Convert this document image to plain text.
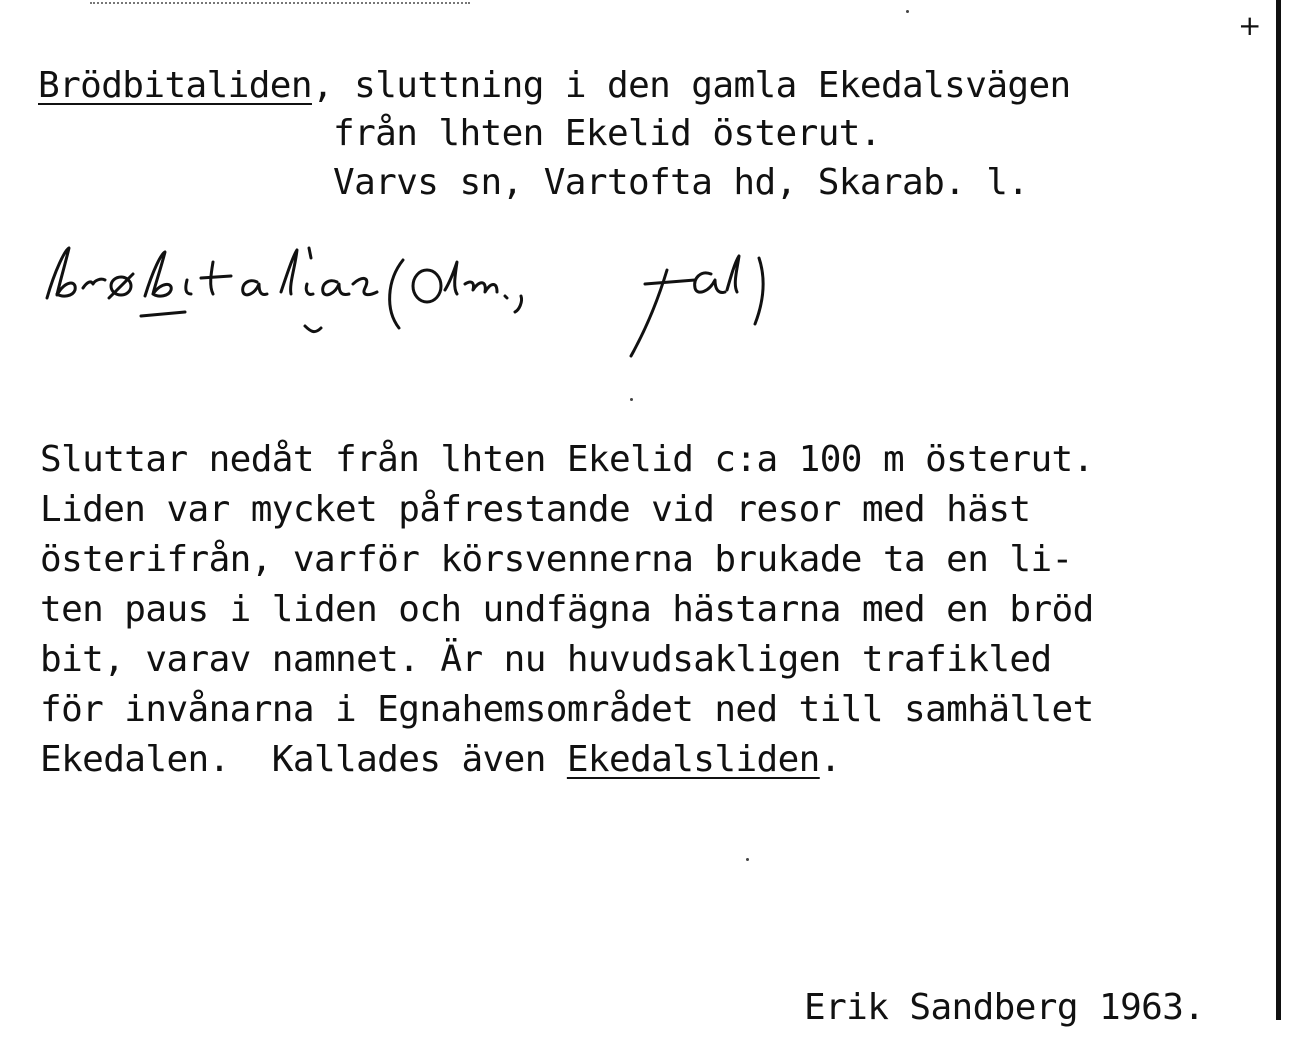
+
Brödbitaliden, sluttning i den gamla Ekedalsvägen
från lhten Ekelid österut.
Varvs sn, Vartofta hd, Skarab. l.
Sluttar nedåt från lhten Ekelid c:a 100 m österut.
Liden var mycket påfrestande vid resor med häst
österifrån, varför körsvennerna brukade ta en li-
ten paus i liden och undfägna hästarna med en bröd
bit, varav namnet. Är nu huvudsakligen trafikled
för invånarna i Egnahemsområdet ned till samhället
Ekedalen.  Kallades även Ekedalsliden.
Erik Sandberg 1963.
